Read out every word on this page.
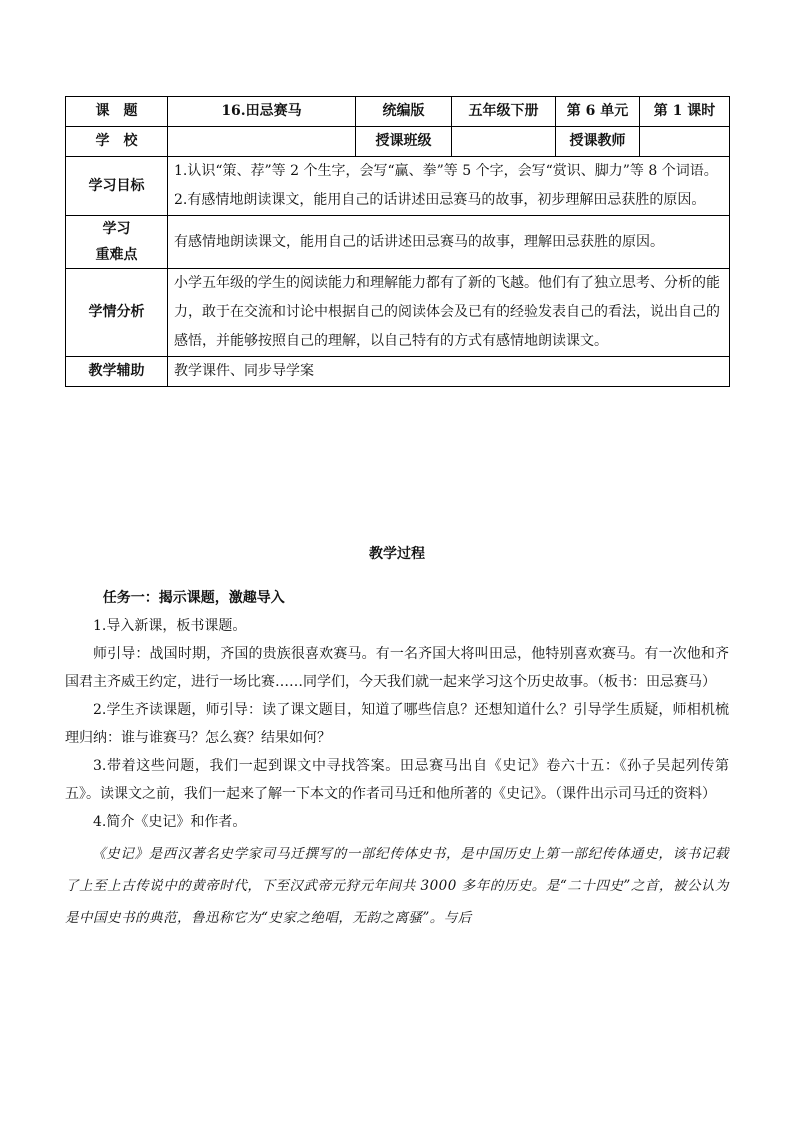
课　题	16.田忌赛马	统编版	五年级下册	第 6 单元	第 1 课时
学　校		授课班级		授课教师	
学习目标	1.认识“策、荐”等 2 个生字，会写“赢、拳”等 5 个字，会写“赏识、脚力”等 8 个词语。

2.有感情地朗读课文，能用自己的话讲述田忌赛马的故事，初步理解田忌获胜的原因。				

学习
重难点	有感情地朗读课文，能用自己的话讲述田忌赛马的故事，理解田忌获胜的原因。				
学情分析	小学五年级的学生的阅读能力和理解能力都有了新的飞越。他们有了独立思考、分析的能力，敢于在交流和讨论中根据自己的阅读体会及已有的经验发表自己的看法，说出自己的感悟，并能够按照自己的理解，以自己特有的方式有感情地朗读课文。				
教学辅助	教学课件、同步导学案				
教学过程

任务一：揭示课题，激趣导入

1.导入新课，板书课题。

师引导：战国时期，齐国的贵族很喜欢赛马。有一名齐国大将叫田忌，他特别喜欢赛马。有一次他和齐国君主齐威王约定，进行一场比赛……同学们，今天我们就一起来学习这个历史故事。（板书：田忌赛马）

2.学生齐读课题，师引导：读了课文题目，知道了哪些信息？还想知道什么？引导学生质疑，师相机梳理归纳：谁与谁赛马？怎么赛？结果如何？

3.带着这些问题，我们一起到课文中寻找答案。田忌赛马出自《史记》卷六十五：《孙子吴起列传第五》。读课文之前，我们一起来了解一下本文的作者司马迁和他所著的《史记》。（课件出示司马迁的资料）

4.简介《史记》和作者。

《史记》是西汉著名史学家司马迁撰写的一部纪传体史书，是中国历史上第一部纪传体通史，该书记载了上至上古传说中的黄帝时代，下至汉武帝元狩元年间共 3000 多年的历史。是“二十四史”之首，被公认为是中国史书的典范，鲁迅称它为“史家之绝唱，无韵之离骚”。与后
